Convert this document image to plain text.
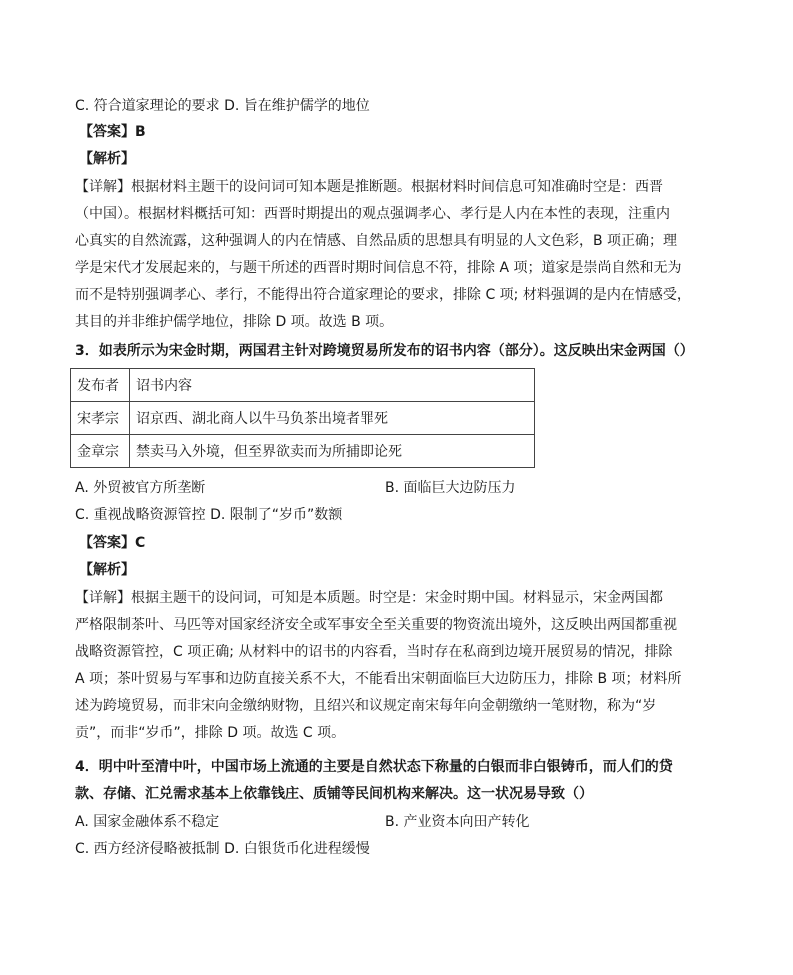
C. 符合道家理论的要求 D. 旨在维护儒学的地位
【答案】B
【解析】
【详解】根据材料主题干的设问词可知本题是推断题。根据材料时间信息可知准确时空是：西晋
（中国）。根据材料概括可知：西晋时期提出的观点强调孝心、孝行是人内在本性的表现，注重内
心真实的自然流露，这种强调人的内在情感、自然品质的思想具有明显的人文色彩，B 项正确；理
学是宋代才发展起来的，与题干所述的西晋时期时间信息不符，排除 A 项；道家是崇尚自然和无为
而不是特别强调孝心、孝行，不能得出符合道家理论的要求，排除 C 项; 材料强调的是内在情感受，
其目的并非维护儒学地位，排除 D 项。故选 B 项。
3．如表所示为宋金时期，两国君主针对跨境贸易所发布的诏书内容（部分）。这反映出宋金两国（）
发布者	诏书内容
宋孝宗	诏京西、湖北商人以牛马负茶出境者罪死
金章宗	禁卖马入外境，但至界欲卖而为所捕即论死
A. 外贸被官方所垄断	B. 面临巨大边防压力
C. 重视战略资源管控 D. 限制了“岁币”数额
【答案】C
【解析】
【详解】根据主题干的设问词，可知是本质题。时空是：宋金时期中国。材料显示，宋金两国都
严格限制茶叶、马匹等对国家经济安全或军事安全至关重要的物资流出境外，这反映出两国都重视
战略资源管控，C 项正确; 从材料中的诏书的内容看，当时存在私商到边境开展贸易的情况，排除
A 项；茶叶贸易与军事和边防直接关系不大，不能看出宋朝面临巨大边防压力，排除 B 项；材料所
述为跨境贸易，而非宋向金缴纳财物，且绍兴和议规定南宋每年向金朝缴纳一笔财物，称为“岁
贡”，而非“岁币”，排除 D 项。故选 C 项。
4．明中叶至清中叶，中国市场上流通的主要是自然状态下称量的白银而非白银铸币，而人们的贷
款、存储、汇兑需求基本上依靠钱庄、质铺等民间机构来解决。这一状况易导致（）
A. 国家金融体系不稳定	B. 产业资本向田产转化
C. 西方经济侵略被抵制 D. 白银货币化进程缓慢
